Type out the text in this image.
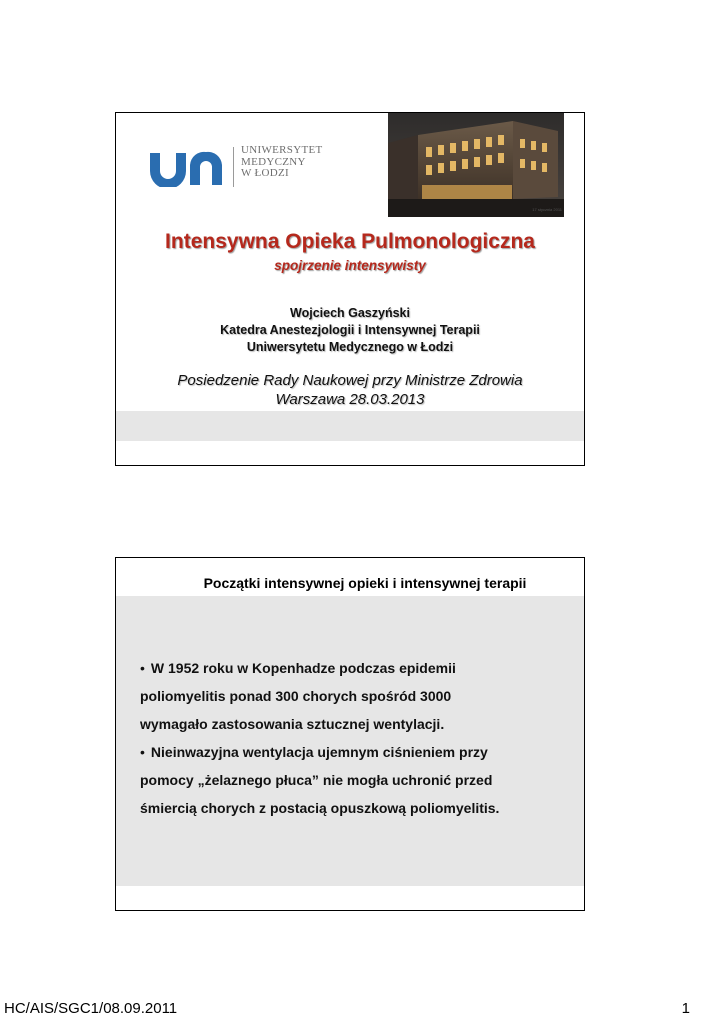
UNIWERSYTET
MEDYCZNY
W ŁODZI
17 stycznia 2011
Intensywna Opieka Pulmonologiczna
spojrzenie intensywisty
Wojciech Gaszyński
Katedra Anestezjologii i Intensywnej Terapii
Uniwersytetu Medycznego w Łodzi
Posiedzenie Rady Naukowej przy Ministrze Zdrowia
Warszawa 28.03.2013
Początki intensywnej opieki i intensywnej terapii
• W 1952 roku w Kopenhadze podczas epidemii
poliomyelitis ponad 300 chorych spośród 3000
wymagało zastosowania sztucznej wentylacji.
• Nieinwazyjna wentylacja ujemnym ciśnieniem przy
pomocy „żelaznego płuca” nie mogła uchronić przed
śmiercią chorych z postacią opuszkową poliomyelitis.
HC/AIS/SGC1/08.09.2011	1
